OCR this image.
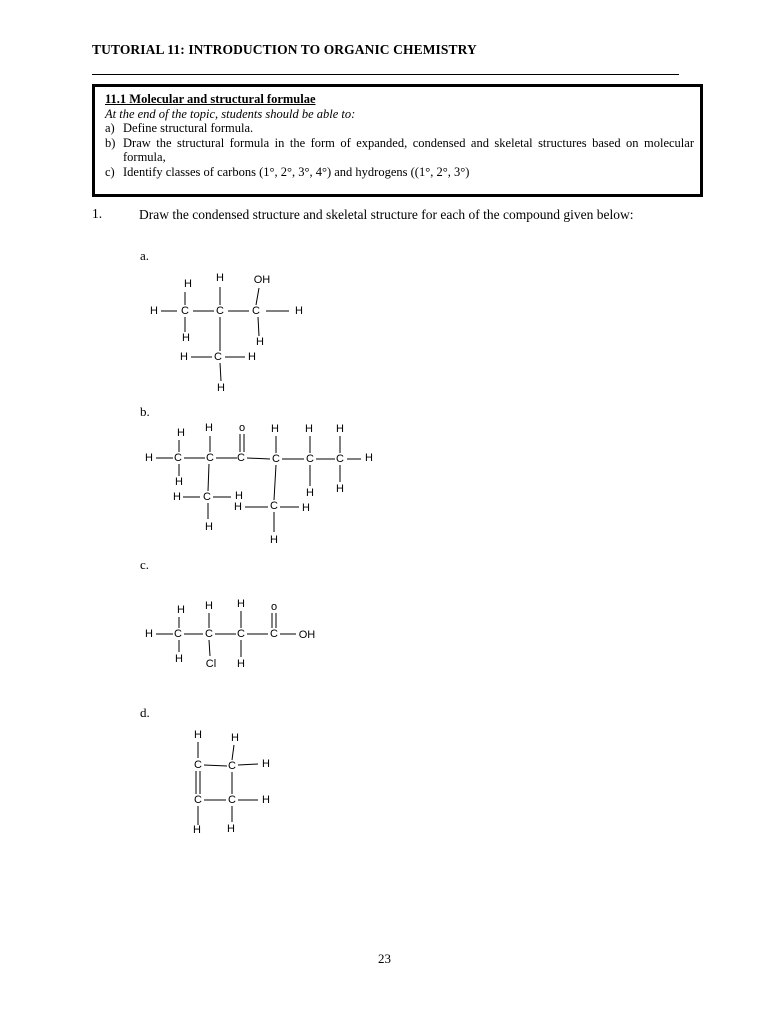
TUTORIAL 11: INTRODUCTION TO ORGANIC CHEMISTRY
11.1 Molecular and structural formulae
At the end of the topic, students should be able to:
a) Define structural formula.
b) Draw the structural formula in the form of expanded, condensed and skeletal structures based on molecular formula,
c) Identify classes of carbons (1°, 2°, 3°, 4°) and hydrogens ((1°, 2°, 3°)
1.	Draw the condensed structure and skeletal structure for each of the compound given below:
a.
b.
c.
d.
H C C	C	H
H H	OH
H	H
H C H
H
H C C C C C C H
H H o H H H
H
H H
H C H
H
H	C H
H
H C C C C OH
H H H o
H Cl H
H
C C H
H
C C H
H H
23
